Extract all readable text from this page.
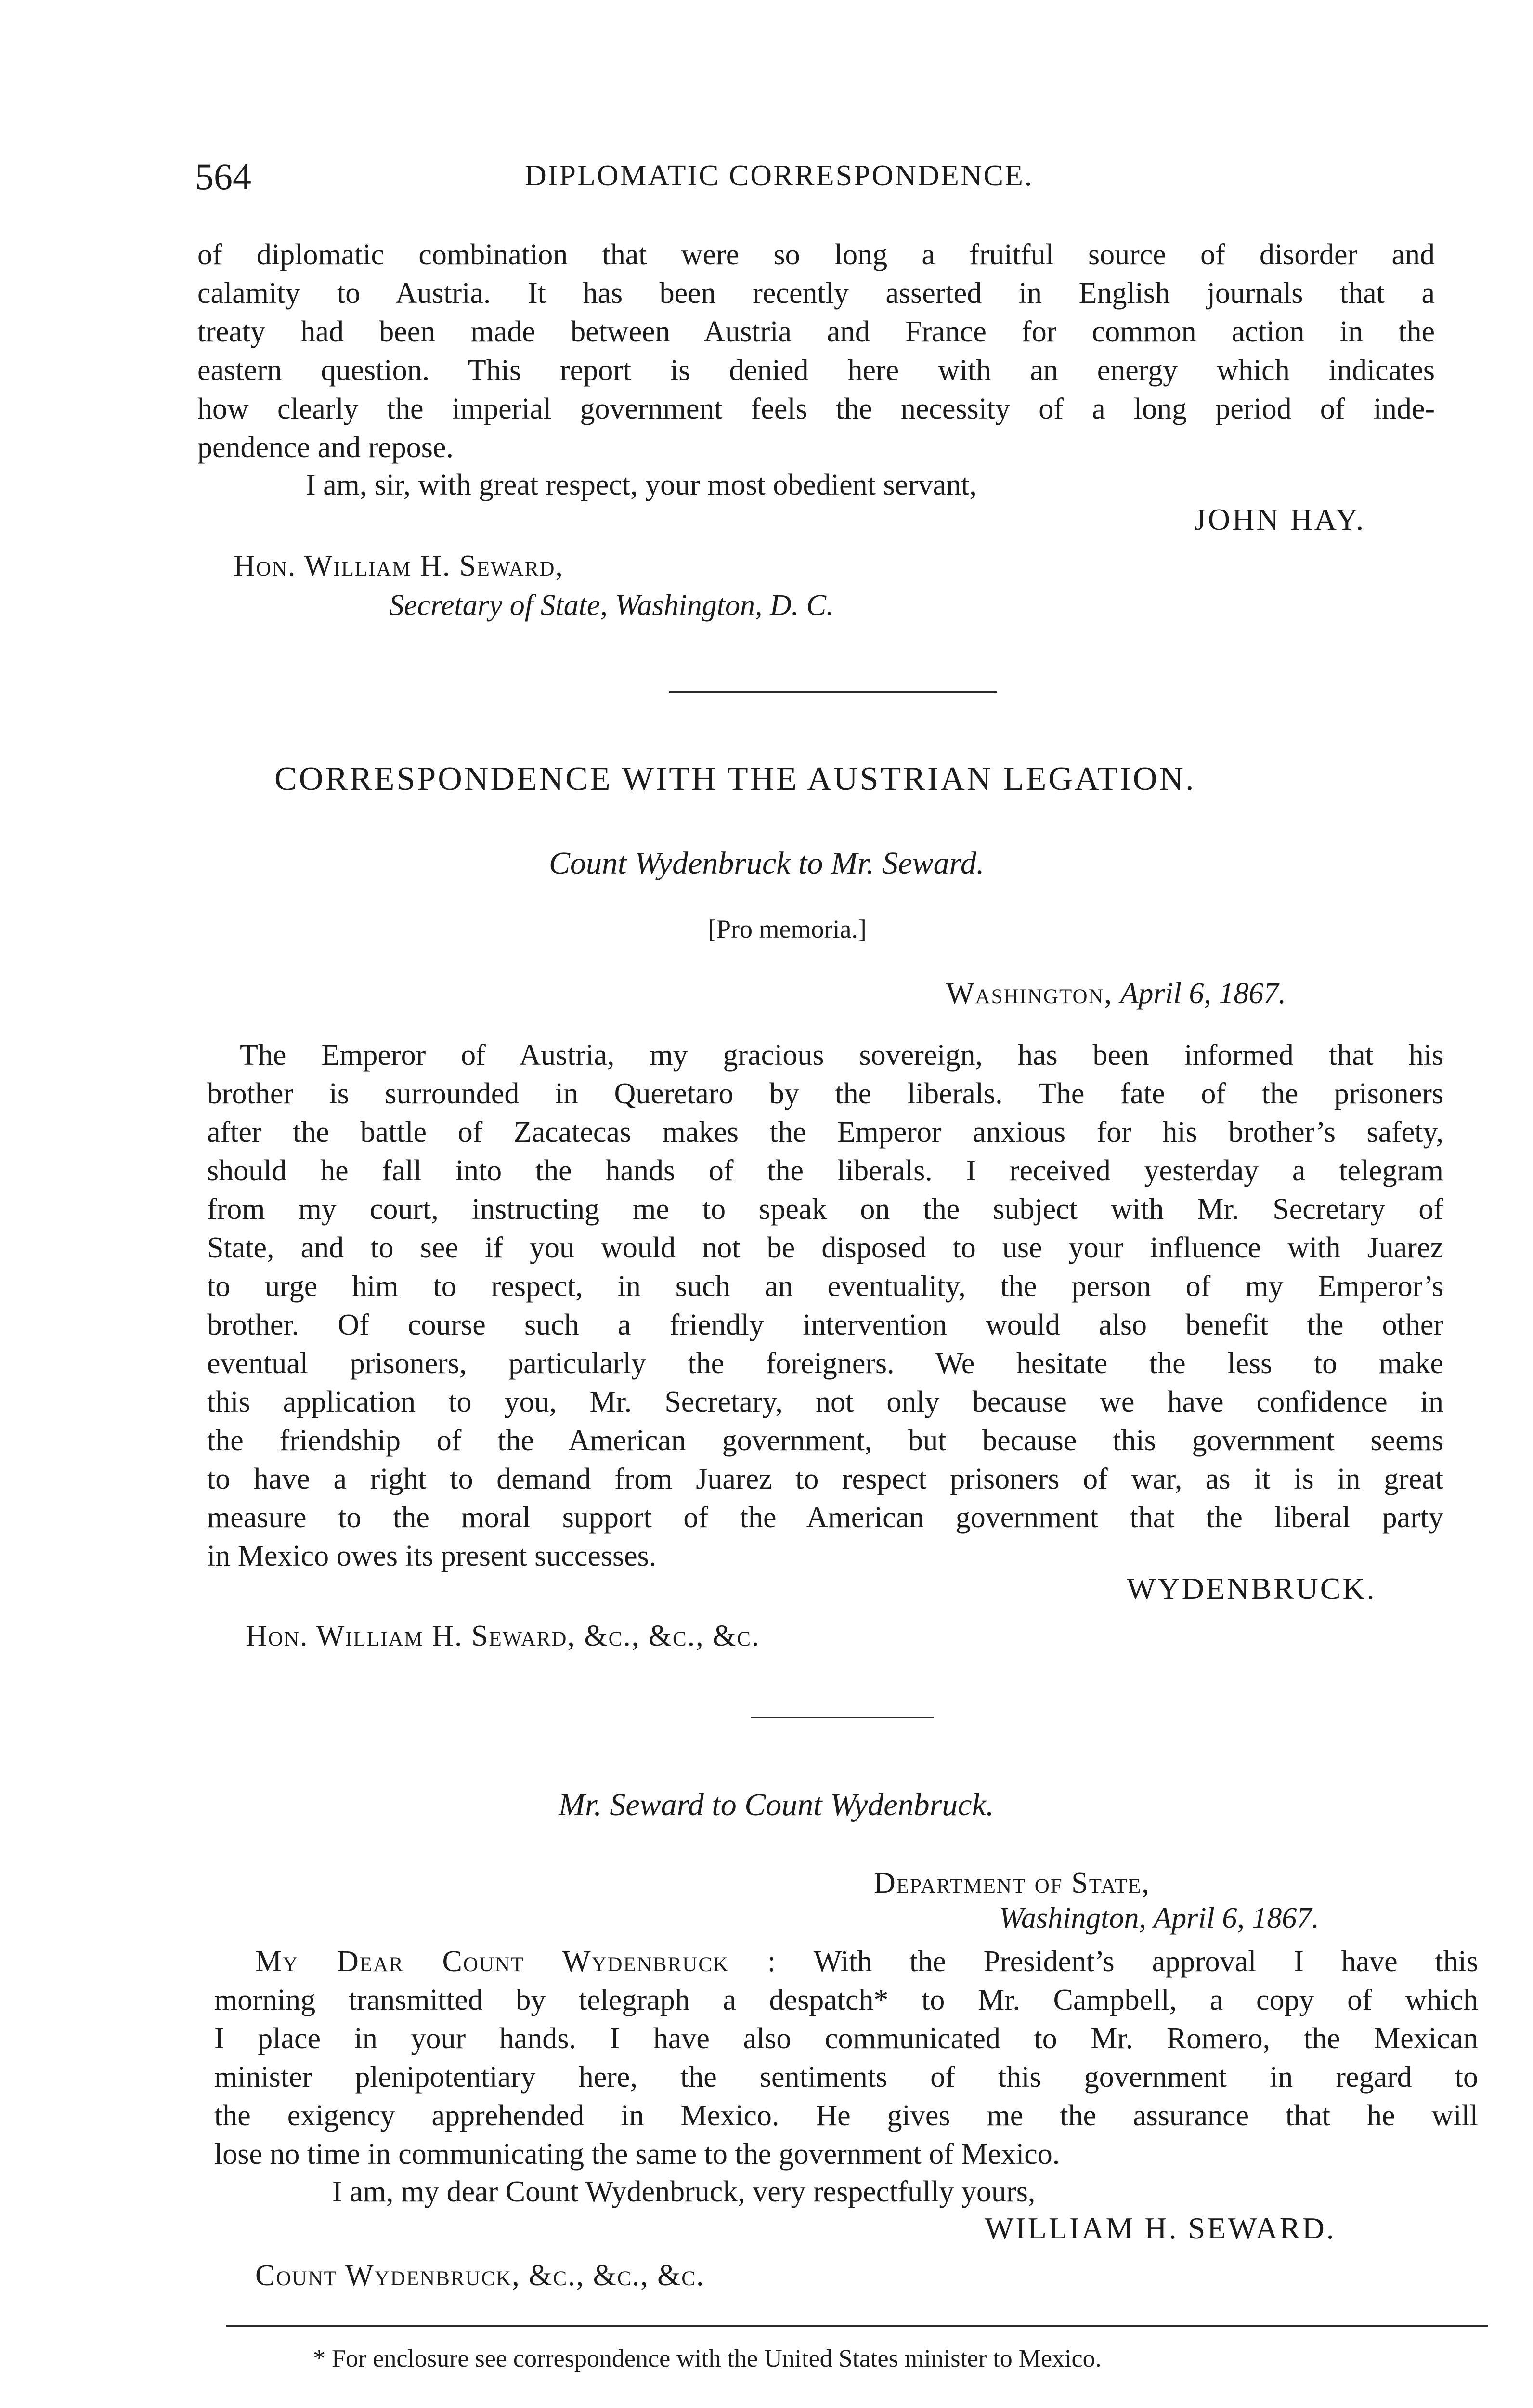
564	DIPLOMATIC CORRESPONDENCE.
of diplomatic combination that were so long a fruitful source of disorder and
calamity to Austria. It has been recently asserted in English journals that a
treaty had been made between Austria and France for common action in the
eastern question. This report is denied here with an energy which indicates
how clearly the imperial government feels the necessity of a long period of inde-
pendence and repose.
I am, sir, with great respect, your most obedient servant,
JOHN HAY.
Hon. William H. Seward,
Secretary of State, Washington, D. C.
CORRESPONDENCE WITH THE AUSTRIAN LEGATION.
Count Wydenbruck to Mr. Seward.
[Pro memoria.]
Washington, April 6, 1867.
The Emperor of Austria, my gracious sovereign, has been informed that his
brother is surrounded in Queretaro by the liberals. The fate of the prisoners
after the battle of Zacatecas makes the Emperor anxious for his brother’s safety,
should he fall into the hands of the liberals. I received yesterday a telegram
from my court, instructing me to speak on the subject with Mr. Secretary of
State, and to see if you would not be disposed to use your influence with Juarez
to urge him to respect, in such an eventuality, the person of my Emperor’s
brother. Of course such a friendly intervention would also benefit the other
eventual prisoners, particularly the foreigners. We hesitate the less to make
this application to you, Mr. Secretary, not only because we have confidence in
the friendship of the American government, but because this government seems
to have a right to demand from Juarez to respect prisoners of war, as it is in great
measure to the moral support of the American government that the liberal party
in Mexico owes its present successes.
WYDENBRUCK.
Hon. William H. Seward, &c., &c., &c.
Mr. Seward to Count Wydenbruck.
Department of State,
Washington, April 6, 1867.
My Dear Count Wydenbruck : With the President’s approval I have this
morning transmitted by telegraph a despatch* to Mr. Campbell, a copy of which
I place in your hands. I have also communicated to Mr. Romero, the Mexican
minister plenipotentiary here, the sentiments of this government in regard to
the exigency apprehended in Mexico. He gives me the assurance that he will
lose no time in communicating the same to the government of Mexico.
I am, my dear Count Wydenbruck, very respectfully yours,
WILLIAM H. SEWARD.
Count Wydenbruck, &c., &c., &c.
* For enclosure see correspondence with the United States minister to Mexico.
